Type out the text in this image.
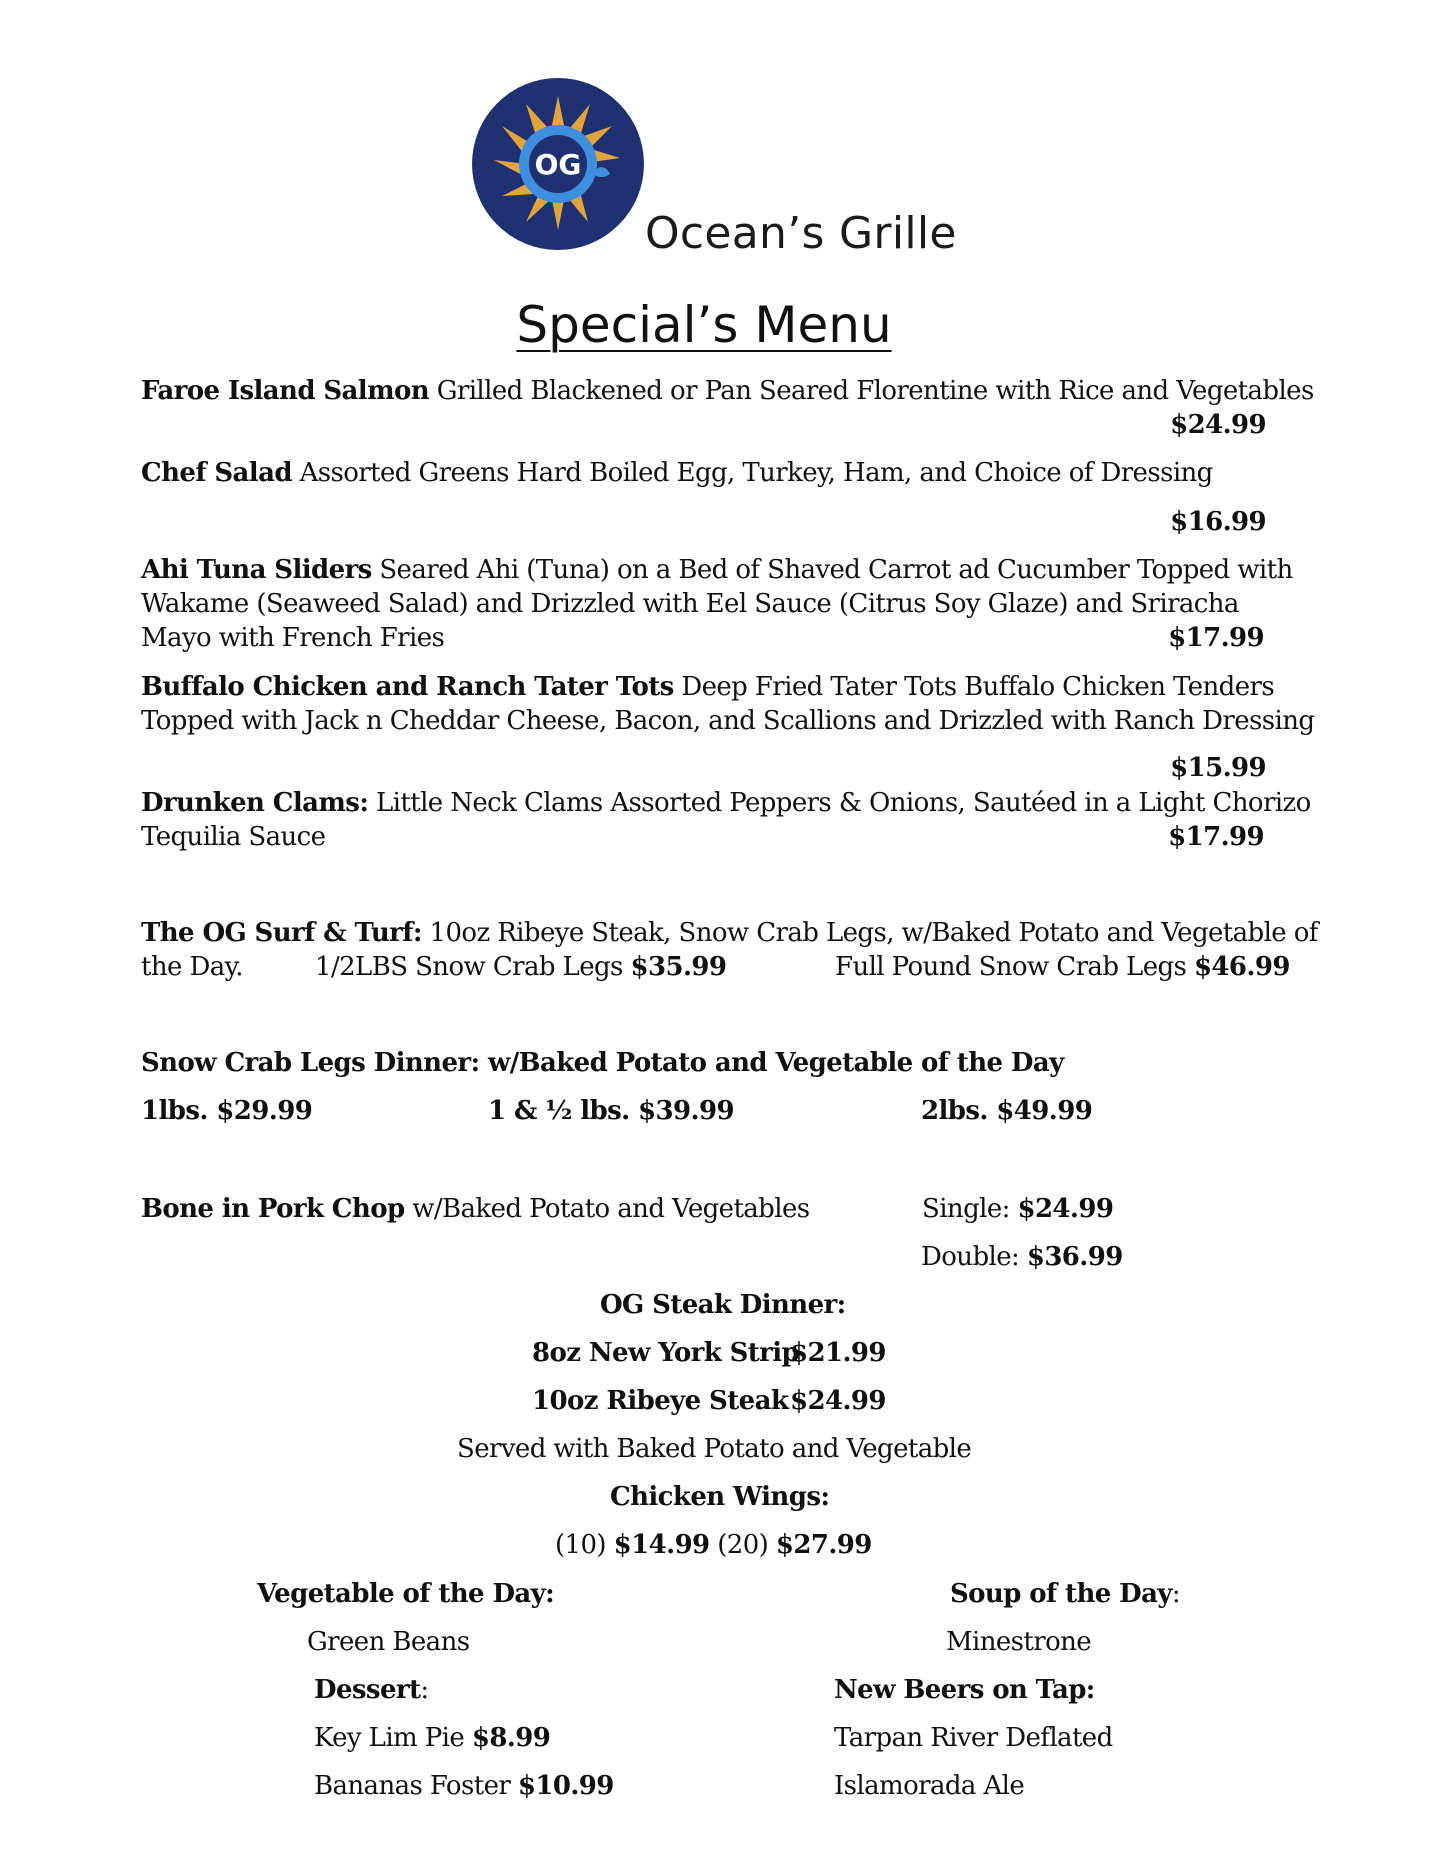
OG
Ocean’s Grille
Special’s Menu
Faroe Island Salmon Grilled Blackened or Pan Seared Florentine with Rice and Vegetables
$24.99
Chef Salad Assorted Greens Hard Boiled Egg, Turkey, Ham, and Choice of Dressing
$16.99
Ahi Tuna Sliders Seared Ahi (Tuna) on a Bed of Shaved Carrot ad Cucumber Topped with
Wakame (Seaweed Salad) and Drizzled with Eel Sauce (Citrus Soy Glaze) and Sriracha
Mayo with French Fries	$17.99
Buffalo Chicken and Ranch Tater Tots Deep Fried Tater Tots Buffalo Chicken Tenders
Topped with Jack n Cheddar Cheese, Bacon, and Scallions and Drizzled with Ranch Dressing
$15.99
Drunken Clams: Little Neck Clams Assorted Peppers & Onions, Sautéed in a Light Chorizo
Tequilia Sauce	$17.99
The OG Surf & Turf: 10oz Ribeye Steak, Snow Crab Legs, w/Baked Potato and Vegetable of
the Day.	1/2LBS Snow Crab Legs $35.99	Full Pound Snow Crab Legs $46.99
Snow Crab Legs Dinner: w/Baked Potato and Vegetable of the Day
1lbs. $29.99	1 & ½ lbs. $39.99	2lbs. $49.99
Bone in Pork Chop w/Baked Potato and Vegetables	Single: $24.99
Double: $36.99
OG Steak Dinner:
8oz New York Strip
$21.99
10oz Ribeye Steak $24.99
Served with Baked Potato and Vegetable
Chicken Wings:
(10) $14.99 (20) $27.99
Vegetable of the Day:
Green Beans
Soup of the Day:
Minestrone
Dessert:
Key Lim Pie $8.99
Bananas Foster $10.99
New Beers on Tap:
Tarpan River Deflated
Islamorada Ale
